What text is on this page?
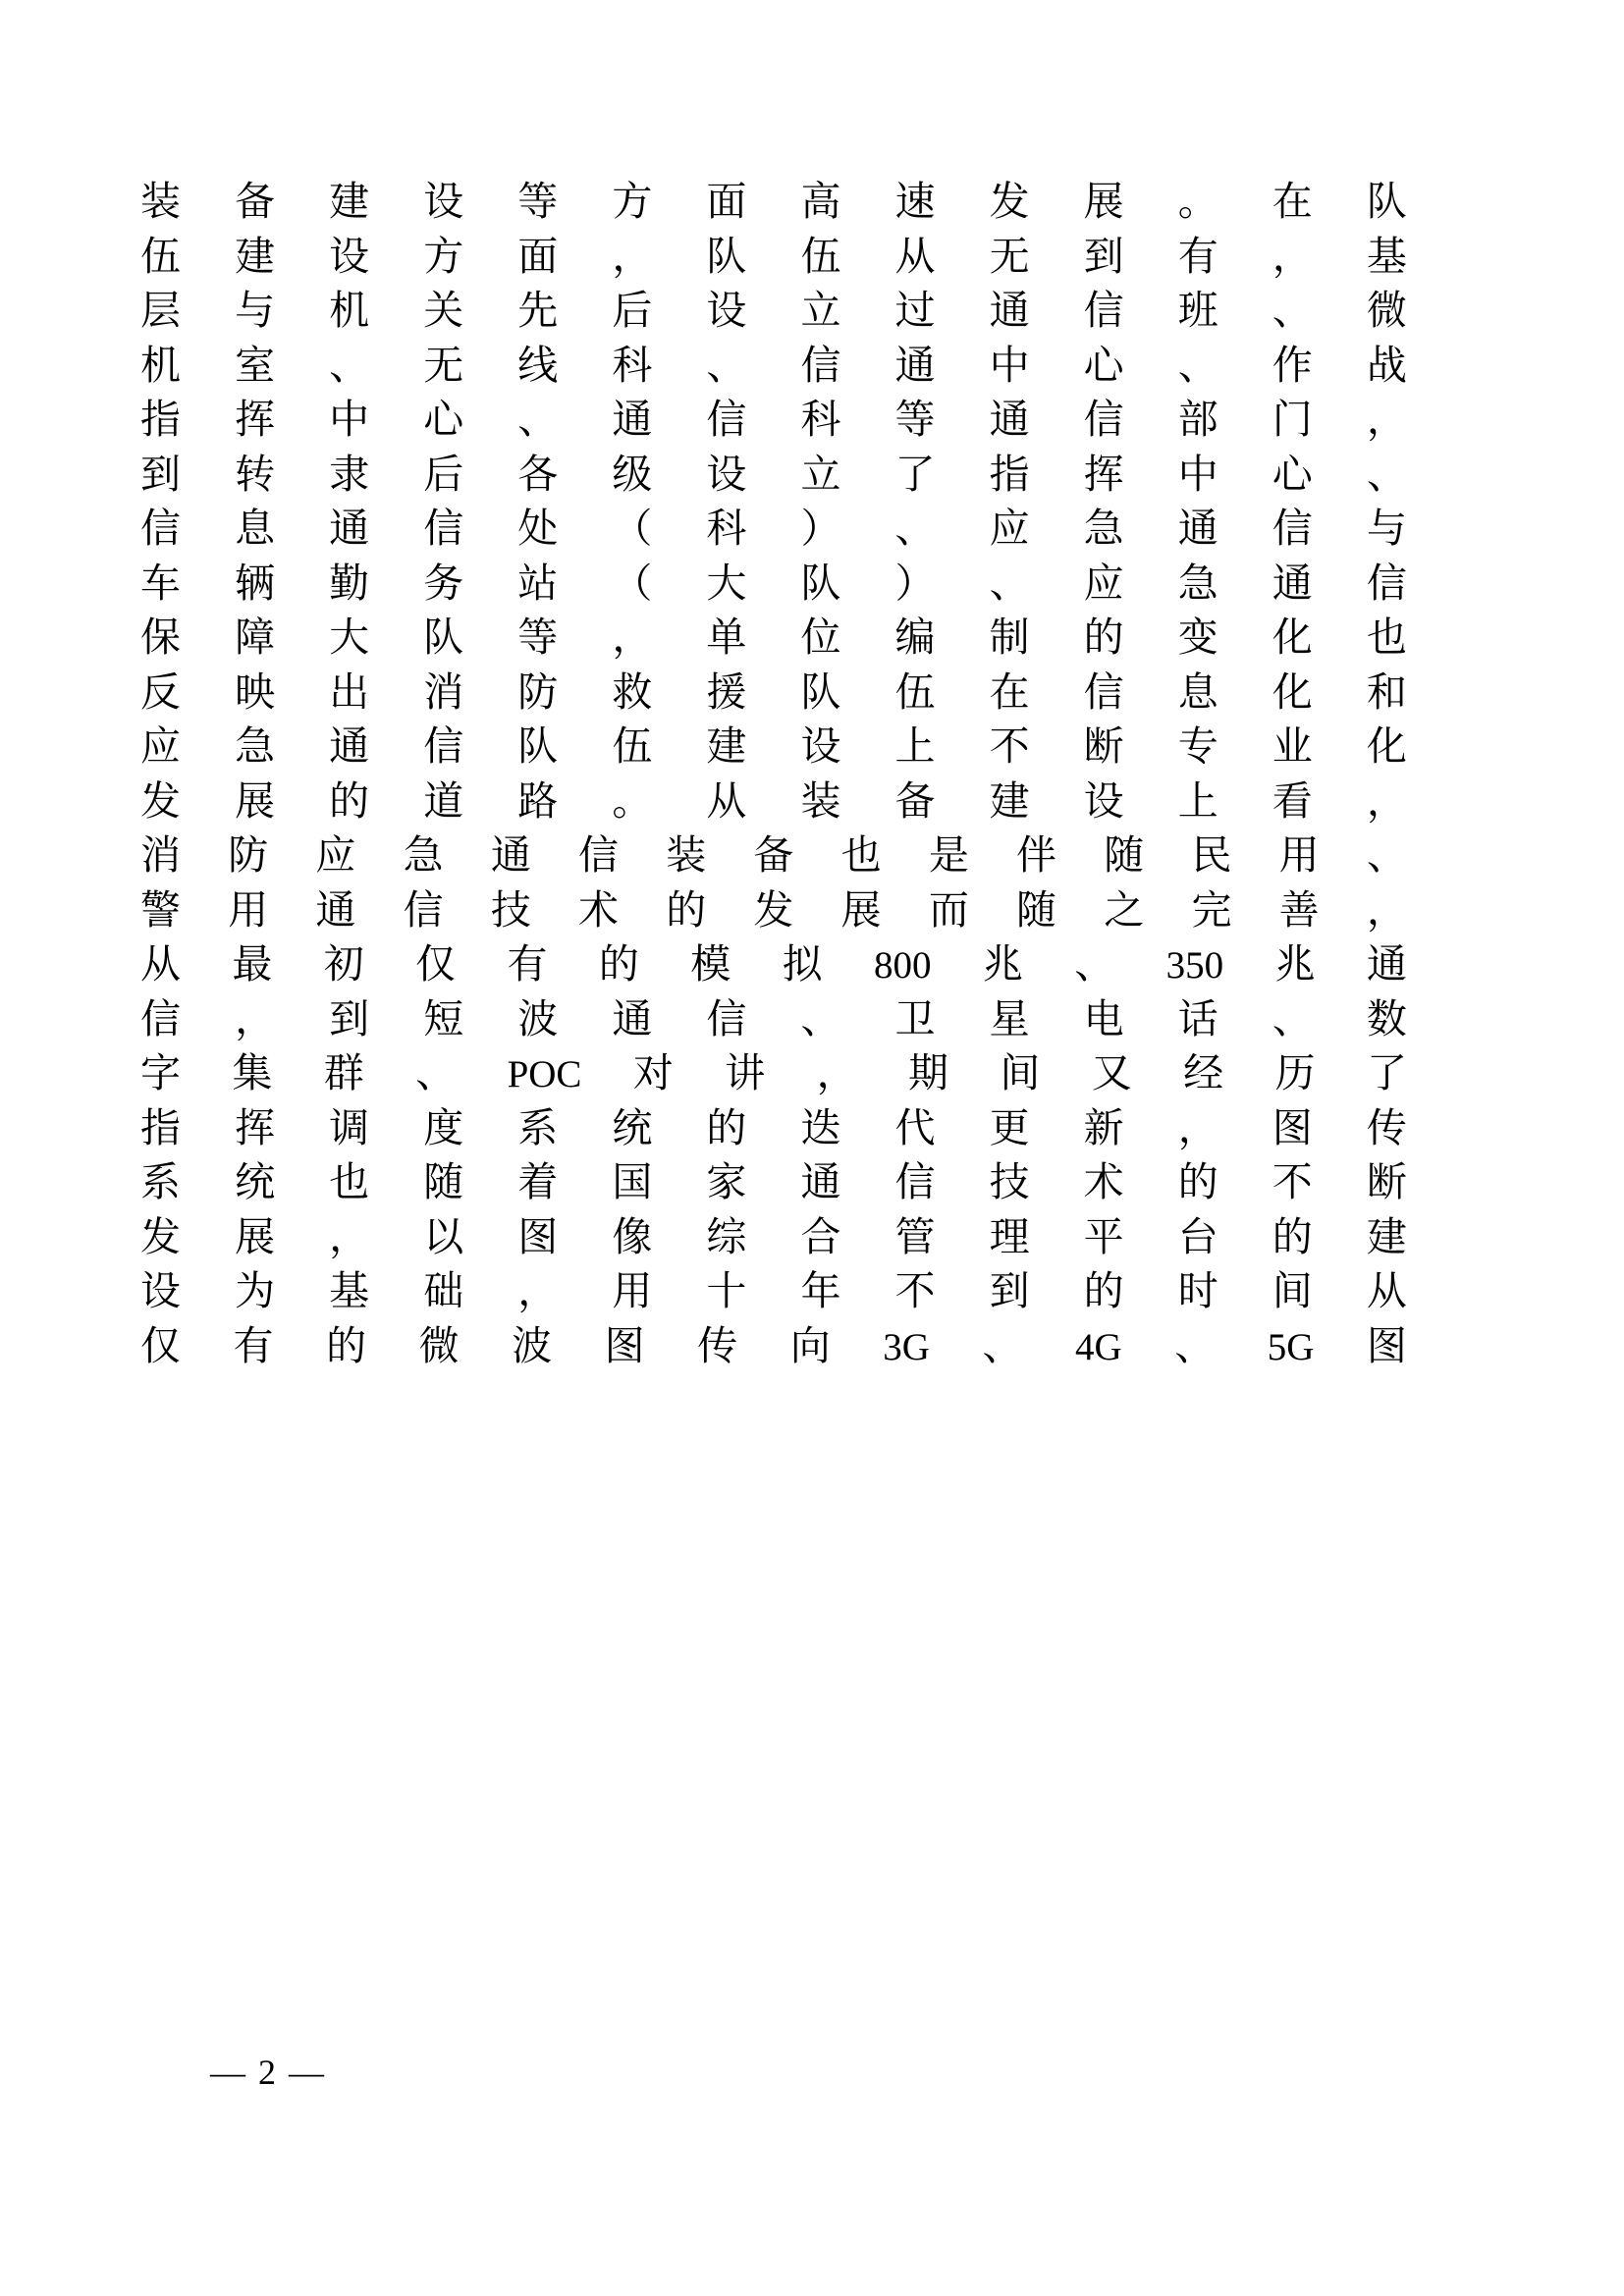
装 备 建 设 等 方 面 高 速 发 展 。 在 队
伍 建 设 方 面 ， 队 伍 从 无 到 有 ， 基
层 与 机 关 先 后 设 立 过 通 信 班 、 微
机 室 、 无 线 科 、 信 通 中 心 、 作 战
指 挥 中 心 、 通 信 科 等 通 信 部 门 ，
到 转 隶 后 各 级 设 立 了 指 挥 中 心 、
信 息 通 信 处 （ 科 ） 、 应 急 通 信 与
车 辆 勤 务 站 （ 大 队 ） 、 应 急 通 信
保 障 大 队 等 ， 单 位 编 制 的 变 化 也
反 映 出 消 防 救 援 队 伍 在 信 息 化 和
应 急 通 信 队 伍 建 设 上 不 断 专 业 化
发 展 的 道 路 。 从 装 备 建 设 上 看 ，
消 防 应 急 通 信 装 备 也 是 伴 随 民 用 、
警 用 通 信 技 术 的 发 展 而 随 之 完 善 ，
从 最 初 仅 有 的 模 拟 800 兆 、 350 兆 通
信 ， 到 短 波 通 信 、 卫 星 电 话 、 数
字 集 群 、 POC 对 讲 ， 期 间 又 经 历 了
指 挥 调 度 系 统 的 迭 代 更 新 ， 图 传
系 统 也 随 着 国 家 通 信 技 术 的 不 断
发 展 ， 以 图 像 综 合 管 理 平 台 的 建
设 为 基 础 ， 用 十 年 不 到 的 时 间 从
仅 有 的 微 波 图 传 向 3G 、 4G 、 5G 图
— 2 —
